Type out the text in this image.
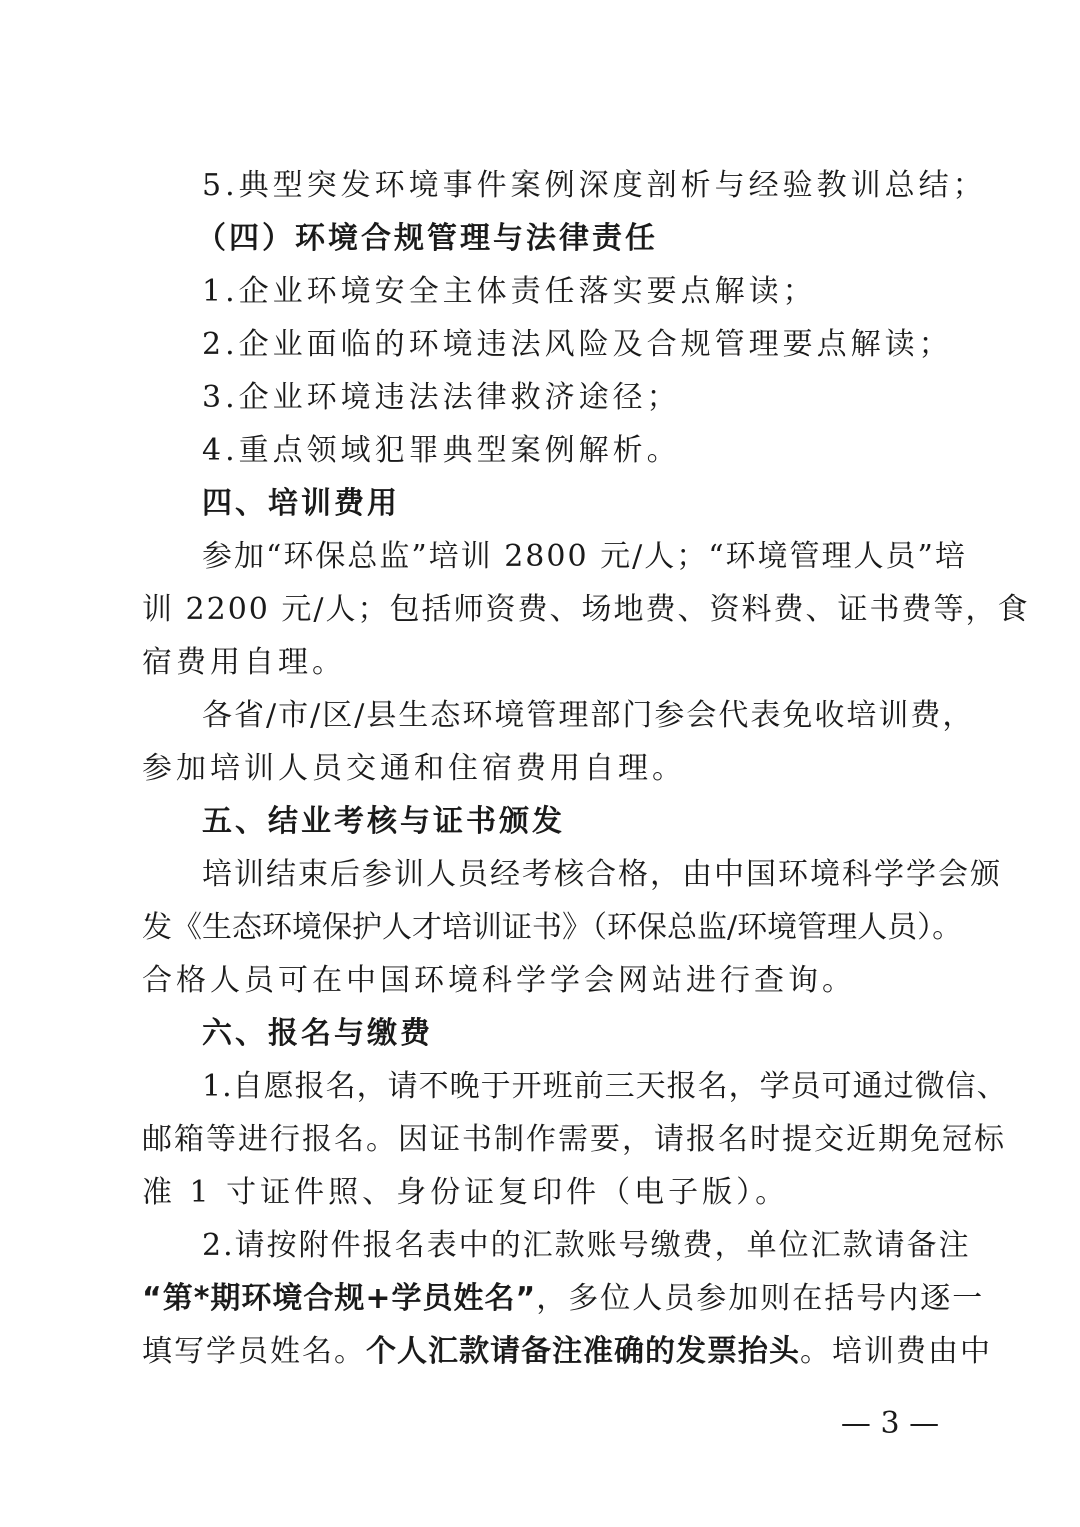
5.典型突发环境事件案例深度剖析与经验教训总结；
（四）环境合规管理与法律责任
1.企业环境安全主体责任落实要点解读；
2.企业面临的环境违法风险及合规管理要点解读；
3.企业环境违法法律救济途径；
4.重点领域犯罪典型案例解析。
四、培训费用
参加“环保总监”培训 2800 元/人；“环境管理人员”培
训 2200 元/人；包括师资费、场地费、资料费、证书费等，食
宿费用自理。
各省/市/区/县生态环境管理部门参会代表免收培训费，
参加培训人员交通和住宿费用自理。
五、结业考核与证书颁发
培训结束后参训人员经考核合格，由中国环境科学学会颁
发《生态环境保护人才培训证书》（环保总监/环境管理人员）。
合格人员可在中国环境科学学会网站进行查询。
六、报名与缴费
1.自愿报名，请不晚于开班前三天报名，学员可通过微信、
邮箱等进行报名。因证书制作需要，请报名时提交近期免冠标
准 1 寸证件照、身份证复印件（电子版）。
2.请按附件报名表中的汇款账号缴费，单位汇款请备注
“第*期环境合规+学员姓名”，多位人员参加则在括号内逐一
填写学员姓名。个人汇款请备注准确的发票抬头。培训费由中
— 3 —
